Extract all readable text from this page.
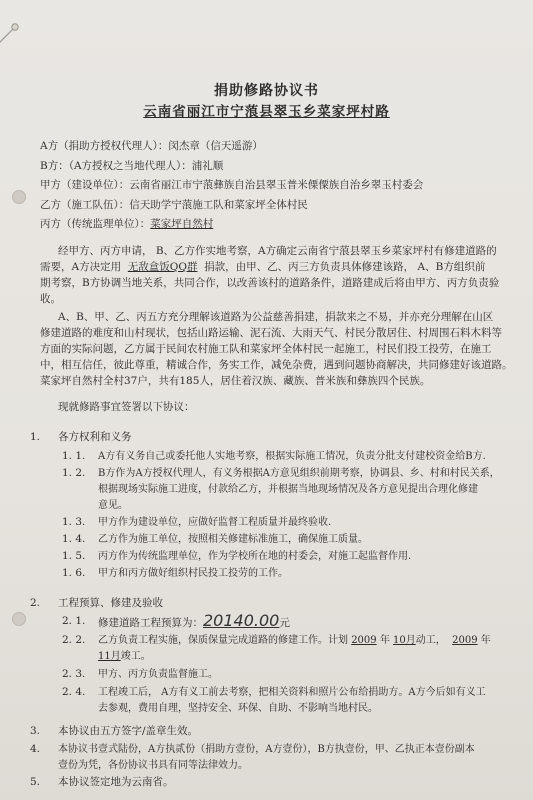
捐助修路协议书
云南省丽江市宁蒗县翠玉乡菜家坪村路
A方（捐助方授权代理人）：闵杰章（信天遥游）
B方：（A方授权之当地代理人）：浦礼顺
甲方（建设单位）：云南省丽江市宁蒗彝族自治县翠玉普米傈僳族自治乡翠玉村委会
乙方（施工队伍）：信天助学宁蒗施工队和菜家坪全体村民
丙方（传统监理单位）：菜家坪自然村
经甲方、丙方申请， B、乙方作实地考察，A方确定云南省宁蒗县翠玉乡菜家坪村有修建道路的
需要，A方决定用 无敌盒饭QQ群 捐款，由甲、乙、丙三方负责具体修建该路， A、B方组织前
期考察，B方协调当地关系，共同合作，以改善该村的道路条件，道路建成后将由甲方、丙方负责验
收。
A、B、甲、乙、丙五方充分理解该道路为公益慈善捐建，捐款来之不易，并亦充分理解在山区
修建道路的难度和山村现状，包括山路运输、泥石流、大雨天气、村民分散居住、村周围石料木料等
方面的实际问题，乙方属于民间农村施工队和菜家坪全体村民一起施工，村民们投工投劳，在施工
中，相互信任，彼此尊重，精诚合作，务实工作，减免杂费，遇到问题协商解决，共同修建好该道路。
菜家坪自然村全村37户，共有185人，居住着汉族、藏族、普米族和彝族四个民族。
现就修路事宜签署以下协议：
1. 各方权利和义务
1. 1. A方有义务自己或委托他人实地考察，根据实际施工情况，负责分批支付建校资金给B方.
1. 2. B方作为A方授权代理人，有义务根据A方意见组织前期考察，协调县、乡、村和村民关系，
根据现场实际施工进度，付款给乙方，并根据当地现场情况及各方意见提出合理化修建
意见。
1. 3. 甲方作为建设单位，应做好监督工程质量并最终验收.
1. 4. 乙方作为施工单位，按照相关修建标准施工，确保施工质量。
1. 5. 丙方作为传统监理单位，作为学校所在地的村委会，对施工起监督作用.
1. 6. 甲方和丙方做好组织村民投工投劳的工作。
2. 工程预算、修建及验收
2. 1. 修建道路工程预算为：20140.00元
2. 2. 乙方负责工程实施，保质保量完成道路的修建工作。计划 2009 年 10月动工， 2009 年
11月竣工。
2. 3. 甲方、丙方负责监督施工。
2. 4. 工程竣工后， A方有义工前去考察，把相关资料和照片公布给捐助方。A方今后如有义工
去参观，费用自理，坚持安全、环保、自助、不影响当地村民。
3. 本协议由五方签字/盖章生效。
4. 本协议书壹式陆份，A方执贰份（捐助方壹份，A方壹份），B方执壹份，甲、乙执正本壹份副本
壹份为凭，各份协议书具有同等法律效力。
5. 本协议签定地为云南省。
